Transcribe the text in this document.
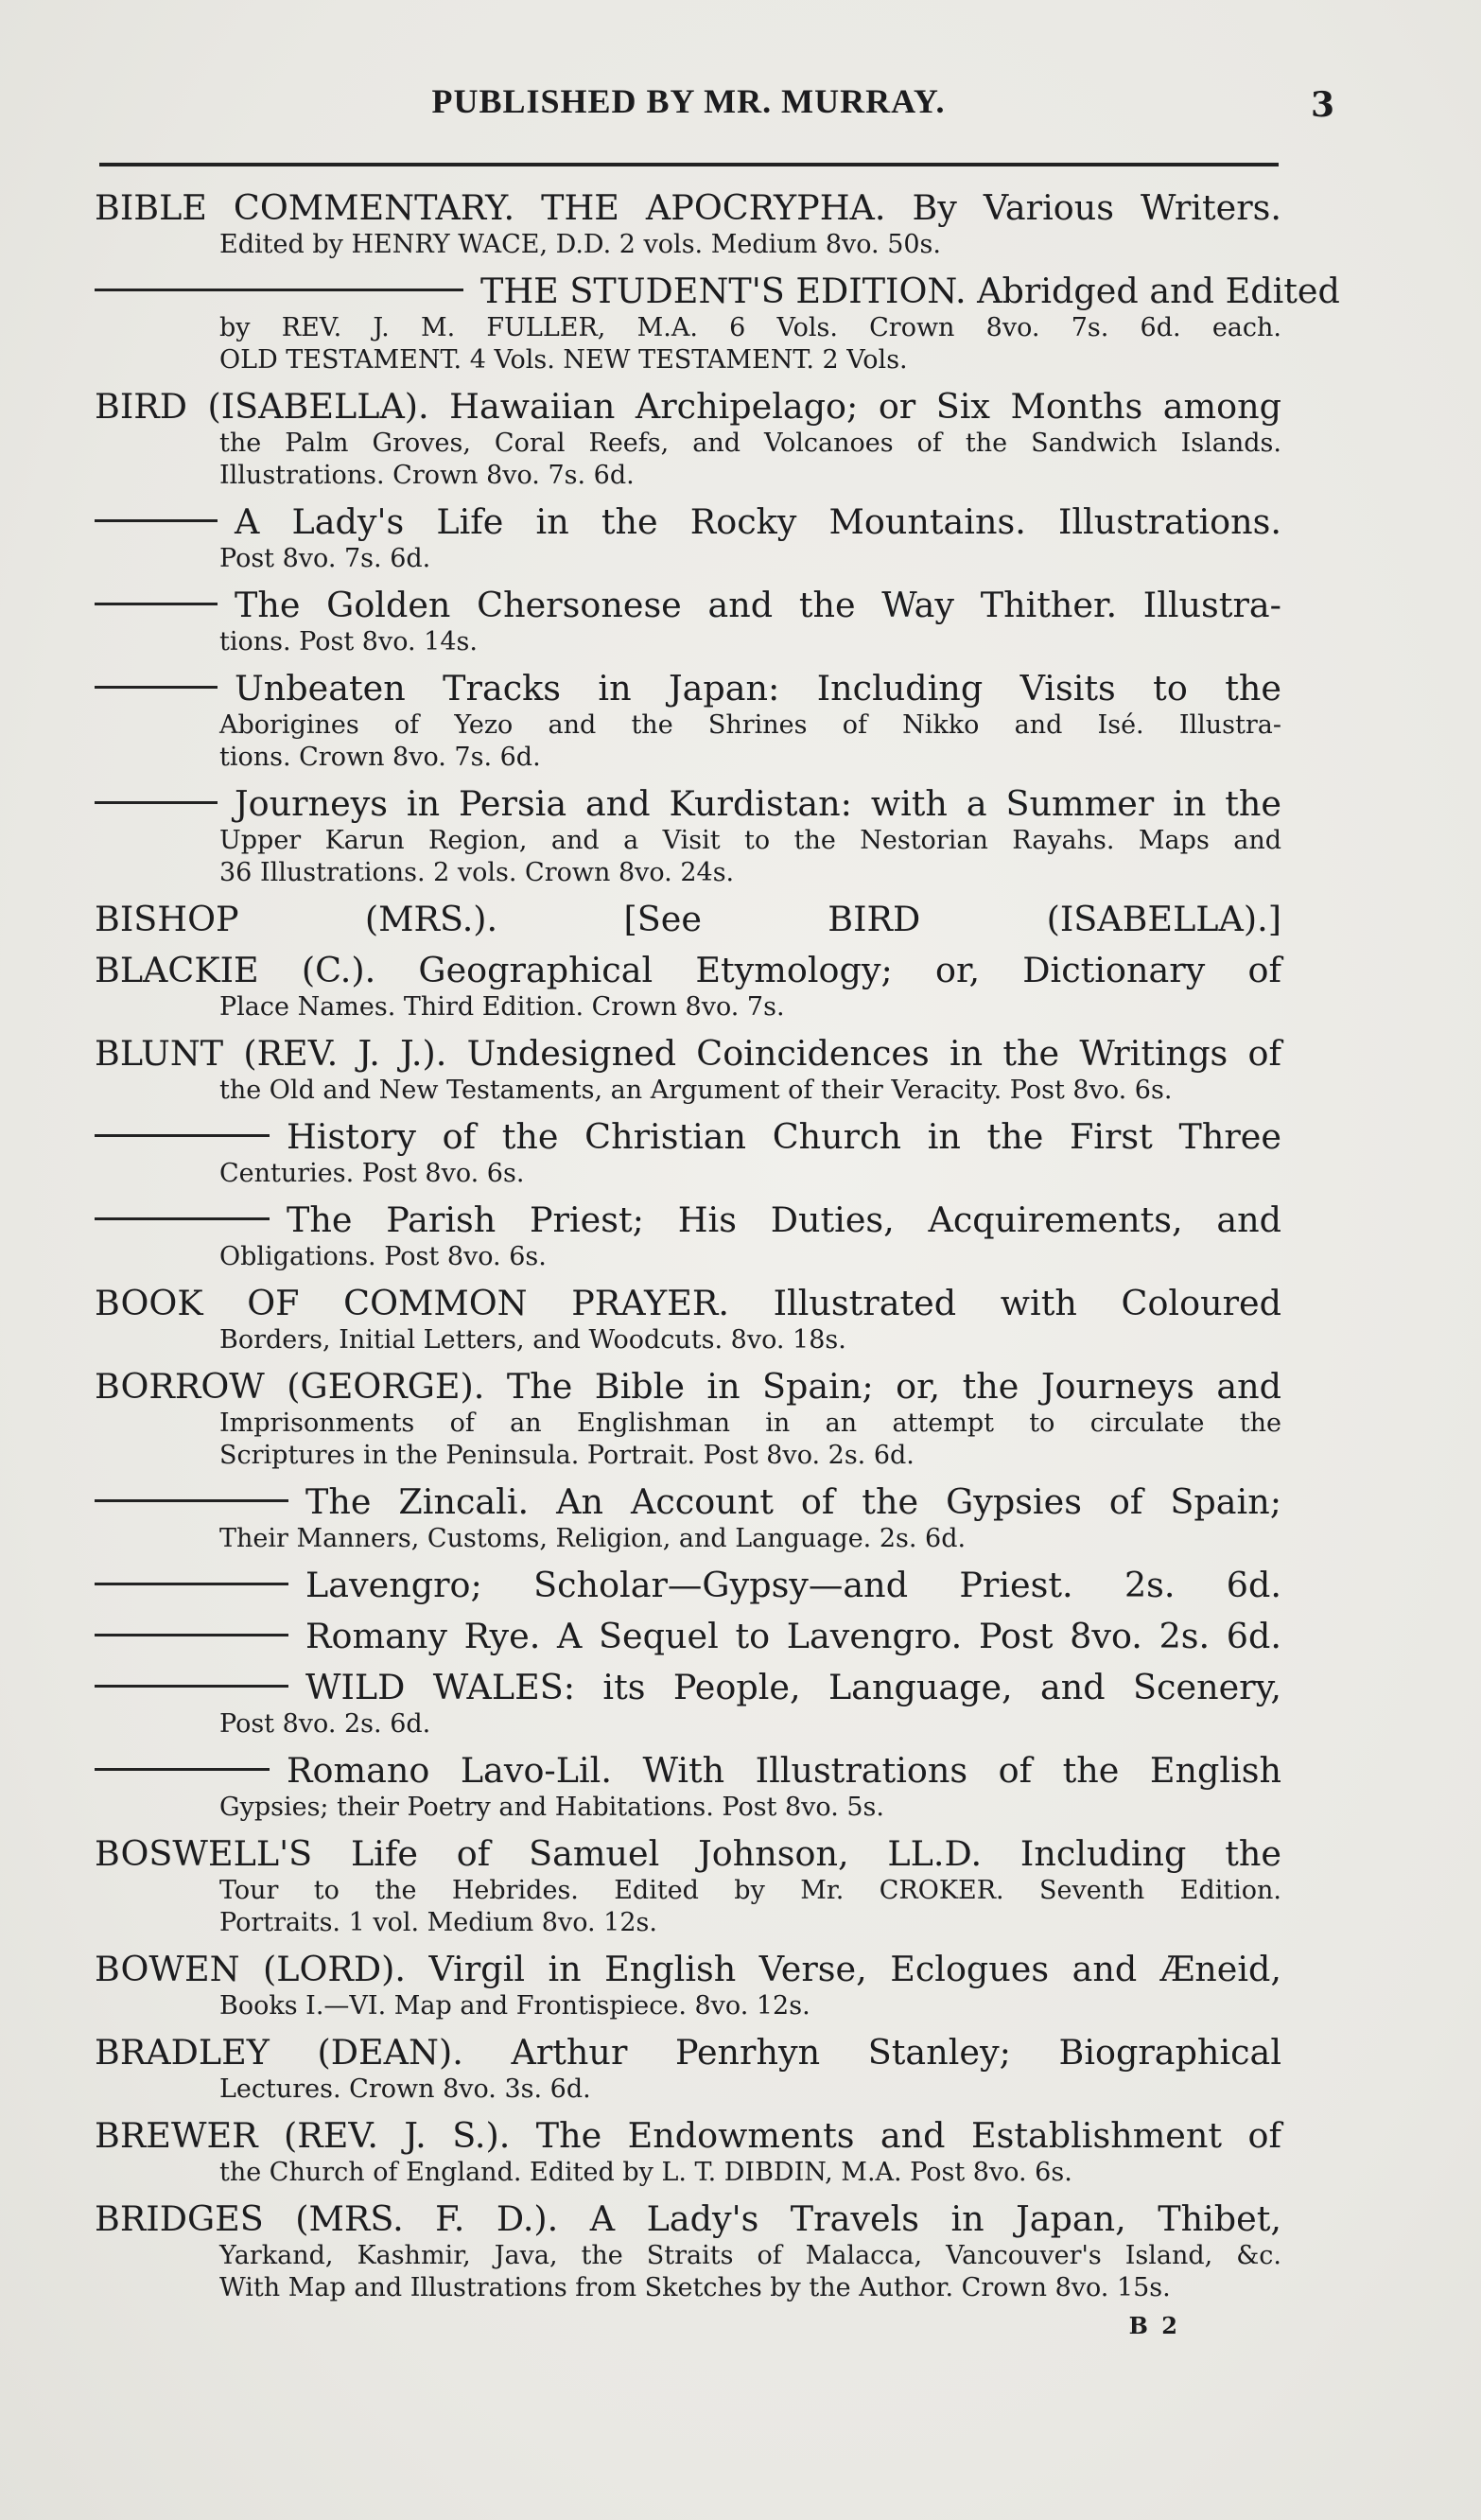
PUBLISHED BY MR. MURRAY.	3
BIBLE COMMENTARY. THE APOCRYPHA. By Various Writers.
Edited by HENRY WACE, D.D. 2 vols. Medium 8vo. 50s.
THE STUDENT'S EDITION. Abridged and Edited
by REV. J. M. FULLER, M.A. 6 Vols. Crown 8vo. 7s. 6d. each.
OLD TESTAMENT. 4 Vols. NEW TESTAMENT. 2 Vols.
BIRD (ISABELLA). Hawaiian Archipelago; or Six Months among
the Palm Groves, Coral Reefs, and Volcanoes of the Sandwich Islands.
Illustrations. Crown 8vo. 7s. 6d.
A Lady's Life in the Rocky Mountains. Illustrations.
Post 8vo. 7s. 6d.
The Golden Chersonese and the Way Thither. Illustra-
tions. Post 8vo. 14s.
Unbeaten Tracks in Japan: Including Visits to the
Aborigines of Yezo and the Shrines of Nikko and Isé. Illustra-
tions. Crown 8vo. 7s. 6d.
Journeys in Persia and Kurdistan: with a Summer in the
Upper Karun Region, and a Visit to the Nestorian Rayahs. Maps and
36 Illustrations. 2 vols. Crown 8vo. 24s.
BISHOP (MRS.). [See BIRD (ISABELLA).]
BLACKIE (C.). Geographical Etymology; or, Dictionary of
Place Names. Third Edition. Crown 8vo. 7s.
BLUNT (REV. J. J.). Undesigned Coincidences in the Writings of
the Old and New Testaments, an Argument of their Veracity. Post 8vo. 6s.
History of the Christian Church in the First Three
Centuries. Post 8vo. 6s.
The Parish Priest; His Duties, Acquirements, and
Obligations. Post 8vo. 6s.
BOOK OF COMMON PRAYER. Illustrated with Coloured
Borders, Initial Letters, and Woodcuts. 8vo. 18s.
BORROW (GEORGE). The Bible in Spain; or, the Journeys and
Imprisonments of an Englishman in an attempt to circulate the
Scriptures in the Peninsula. Portrait. Post 8vo. 2s. 6d.
The Zincali. An Account of the Gypsies of Spain;
Their Manners, Customs, Religion, and Language. 2s. 6d.
Lavengro; Scholar—Gypsy—and Priest. 2s. 6d.
Romany Rye. A Sequel to Lavengro. Post 8vo. 2s. 6d.
WILD WALES: its People, Language, and Scenery,
Post 8vo. 2s. 6d.
Romano Lavo-Lil. With Illustrations of the English
Gypsies; their Poetry and Habitations. Post 8vo. 5s.
BOSWELL'S Life of Samuel Johnson, LL.D. Including the
Tour to the Hebrides. Edited by Mr. CROKER. Seventh Edition.
Portraits. 1 vol. Medium 8vo. 12s.
BOWEN (LORD). Virgil in English Verse, Eclogues and Æneid,
Books I.—VI. Map and Frontispiece. 8vo. 12s.
BRADLEY (DEAN). Arthur Penrhyn Stanley; Biographical
Lectures. Crown 8vo. 3s. 6d.
BREWER (REV. J. S.). The Endowments and Establishment of
the Church of England. Edited by L. T. DIBDIN, M.A. Post 8vo. 6s.
BRIDGES (MRS. F. D.). A Lady's Travels in Japan, Thibet,
Yarkand, Kashmir, Java, the Straits of Malacca, Vancouver's Island, &c.
With Map and Illustrations from Sketches by the Author. Crown 8vo. 15s.
B 2
